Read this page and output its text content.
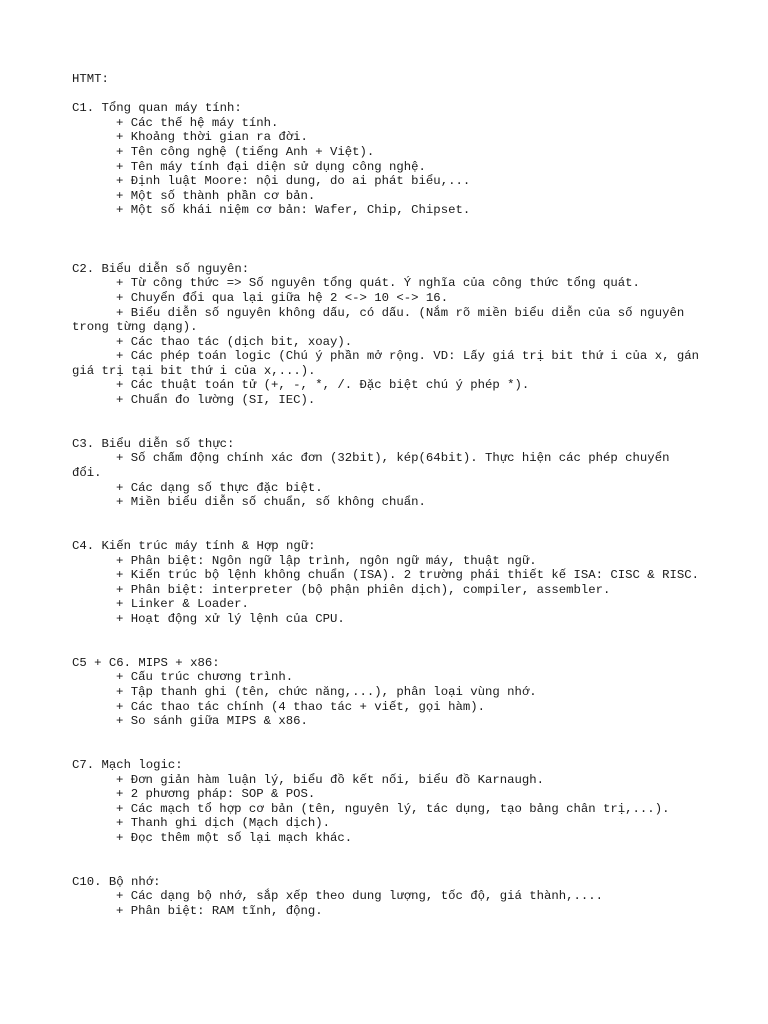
HTMT:
C1. Tổng quan máy tính:
+ Các thế hệ máy tính.
+ Khoảng thời gian ra đời.
+ Tên công nghệ (tiếng Anh + Việt).
+ Tên máy tính đại diện sử dụng công nghệ.
+ Định luật Moore: nội dung, do ai phát biểu,...
+ Một số thành phần cơ bản.
+ Một số khái niệm cơ bản: Wafer, Chip, Chipset.
C2. Biểu diễn số nguyên:
+ Từ công thức => Số nguyên tổng quát. Ý nghĩa của công thức tổng quát.
+ Chuyển đổi qua lại giữa hệ 2 <-> 10 <-> 16.
+ Biểu diễn số nguyên không dấu, có dấu. (Nắm rõ miền biểu diễn của số nguyên trong từng dạng).
+ Các thao tác (dịch bit, xoay).
+ Các phép toán logic (Chú ý phần mở rộng. VD: Lấy giá trị bit thứ i của x, gán giá trị tại bit thứ i của x,...).
+ Các thuật toán tử (+, -, *, /. Đặc biệt chú ý phép *).
+ Chuẩn đo lường (SI, IEC).
C3. Biểu diễn số thực:
+ Số chấm động chính xác đơn (32bit), kép(64bit). Thực hiện các phép chuyển đổi.
+ Các dạng số thực đặc biệt.
+ Miền biểu diễn số chuẩn, số không chuẩn.
C4. Kiến trúc máy tính & Hợp ngữ:
+ Phân biệt: Ngôn ngữ lập trình, ngôn ngữ máy, thuật ngữ.
+ Kiến trúc bộ lệnh không chuẩn (ISA). 2 trường phái thiết kế ISA: CISC & RISC.
+ Phân biệt: interpreter (bộ phận phiên dịch), compiler, assembler.
+ Linker & Loader.
+ Hoạt động xử lý lệnh của CPU.
C5 + C6. MIPS + x86:
+ Cấu trúc chương trình.
+ Tập thanh ghi (tên, chức năng,...), phân loại vùng nhớ.
+ Các thao tác chính (4 thao tác + viết, gọi hàm).
+ So sánh giữa MIPS & x86.
C7. Mạch logic:
+ Đơn giản hàm luận lý, biểu đồ kết nối, biểu đồ Karnaugh.
+ 2 phương pháp: SOP & POS.
+ Các mạch tổ hợp cơ bản (tên, nguyên lý, tác dụng, tạo bảng chân trị,...).
+ Thanh ghi dịch (Mạch dịch).
+ Đọc thêm một số lại mạch khác.
C10. Bộ nhớ:
+ Các dạng bộ nhớ, sắp xếp theo dung lượng, tốc độ, giá thành,....
+ Phân biệt: RAM tĩnh, động.
